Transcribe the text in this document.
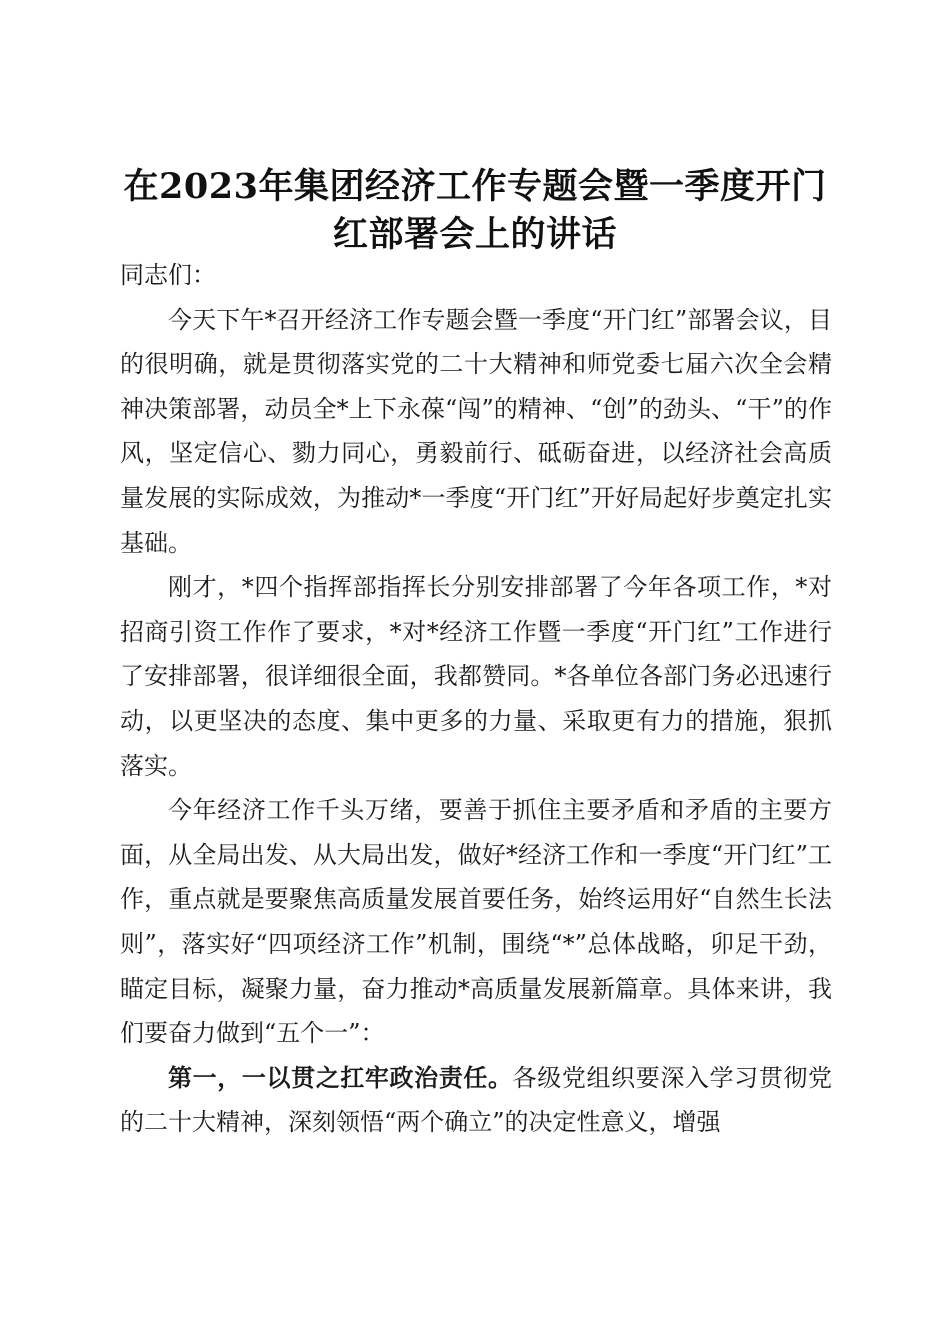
在2023年集团经济工作专题会暨一季度开门
红部署会上的讲话

同志们：

今天下午*召开经济工作专题会暨一季度“开门红”部署会议，目的很明确，就是贯彻落实党的二十大精神和师党委七届六次全会精神决策部署，动员全*上下永葆“闯”的精神、“创”的劲头、“干”的作风，坚定信心、勠力同心，勇毅前行、砥砺奋进，以经济社会高质量发展的实际成效，为推动*一季度“开门红”开好局起好步奠定扎实基础。

刚才，*四个指挥部指挥长分别安排部署了今年各项工作，*对招商引资工作作了要求，*对*经济工作暨一季度“开门红”工作进行了安排部署，很详细很全面，我都赞同。*各单位各部门务必迅速行动，以更坚决的态度、集中更多的力量、采取更有力的措施，狠抓落实。

今年经济工作千头万绪，要善于抓住主要矛盾和矛盾的主要方面，从全局出发、从大局出发，做好*经济工作和一季度“开门红”工作，重点就是要聚焦高质量发展首要任务，始终运用好“自然生长法则”，落实好“四项经济工作”机制，围绕“*”总体战略，卯足干劲，瞄定目标，凝聚力量，奋力推动*高质量发展新篇章。具体来讲，我们要奋力做到“五个一”：

第一，一以贯之扛牢政治责任。各级党组织要深入学习贯彻党的二十大精神，深刻领悟“两个确立”的决定性意义，增强
